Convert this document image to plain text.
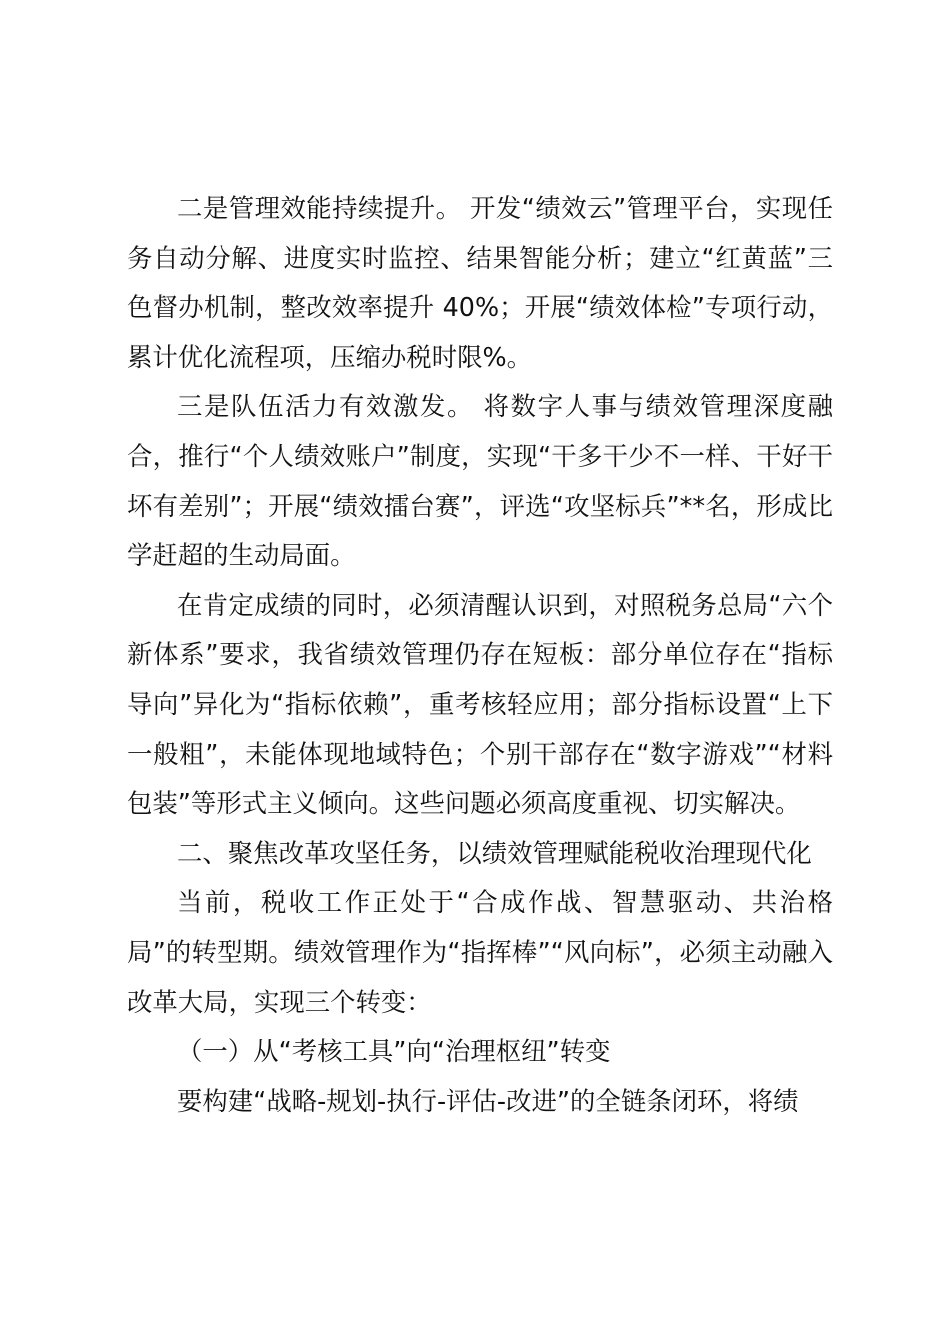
二是管理效能持续提升。 开发“绩效云”管理平台，实现任务自动分解、进度实时监控、结果智能分析；建立“红黄蓝”三色督办机制，整改效率提升 40%；开展“绩效体检”专项行动，累计优化流程项，压缩办税时限%。

三是队伍活力有效激发。 将数字人事与绩效管理深度融合，推行“个人绩效账户”制度，实现“干多干少不一样、干好干坏有差别”；开展“绩效擂台赛”，评选“攻坚标兵”**名，形成比学赶超的生动局面。

在肯定成绩的同时，必须清醒认识到，对照税务总局“六个新体系”要求，我省绩效管理仍存在短板：部分单位存在“指标导向”异化为“指标依赖”，重考核轻应用；部分指标设置“上下一般粗”，未能体现地域特色；个别干部存在“数字游戏”“材料包装”等形式主义倾向。这些问题必须高度重视、切实解决。

二、聚焦改革攻坚任务，以绩效管理赋能税收治理现代化

当前，税收工作正处于“合成作战、智慧驱动、共治格局”的转型期。绩效管理作为“指挥棒”“风向标”，必须主动融入改革大局，实现三个转变：

（一）从“考核工具”向“治理枢纽”转变

要构建“战略-规划-执行-评估-改进”的全链条闭环，将绩
